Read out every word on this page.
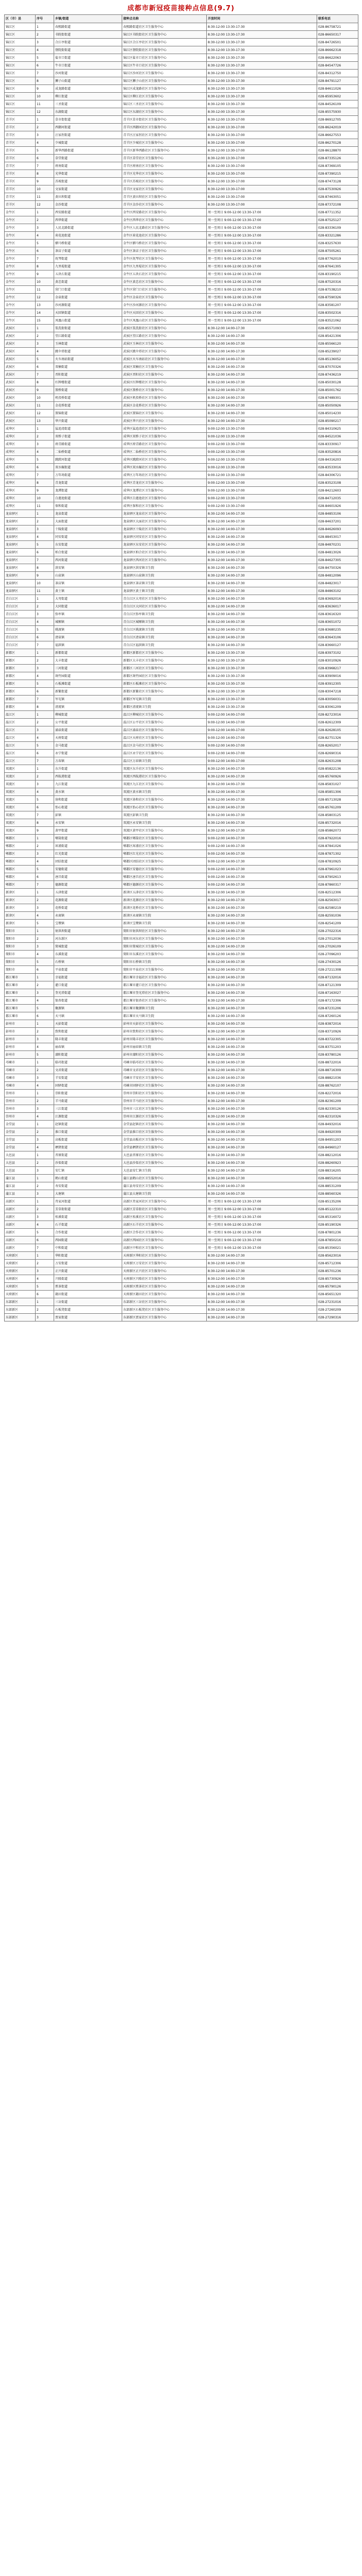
成都市新冠疫苗接种点信息(9.7)
区（市）县	序号	乡镇/街道	接种点名称	开放时间	联系电话
锦江区	1	春熙路街道	春熙路街道社区卫生服务中心	8:30-12:00 13:30-17:30	028-86758721
锦江区	2	书院街街道	锦江区书院街社区卫生服务中心	8:30-12:00 13:30-17:30	028-86650317
锦江区	3	合江亭街道	锦江区合江亭社区卫生服务中心	8:30-12:00 13:30-17:30	028-84726501
锦江区	4	督院街街道	锦江区督院街社区卫生服务中心	8:30-12:00 13:30-17:30	028-86662318
锦江区	5	盐市口街道	锦江区盐市口社区卫生服务中心	8:30-12:00 13:30-17:30	028-86622063
锦江区	6	牛市口街道	锦江区牛市口社区卫生服务中心	8:30-12:00 13:30-17:30	028-84547726
锦江区	7	沙河街道	锦江区沙河社区卫生服务中心	8:30-12:00 13:30-17:30	028-84312750
锦江区	8	狮子山街道	锦江区狮子山社区卫生服务中心	8:30-12:00 13:30-17:30	028-84791127
锦江区	9	成龙路街道	锦江区成龙路社区卫生服务中心	8:30-12:00 13:30-17:30	028-84611026
锦江区	10	柳江街道	锦江区柳江社区卫生服务中心	8:30-12:00 13:30-17:30	028-85953602
锦江区	11	三圣街道	锦江区三圣社区卫生服务中心	8:30-12:00 13:30-17:30	028-84526109
锦江区	12	东湖街道	锦江区东湖社区卫生服务中心	8:30-12:00 13:30-17:30	028-85575930
青羊区	1	草市街街道	青羊区草市街社区卫生服务中心	8:30-12:00 13:30-17:00	028-86912705
青羊区	2	西御河街道	青羊区西御河社区卫生服务中心	8:30-12:00 13:30-17:00	028-86242019
青羊区	3	汪家拐街道	青羊区汪家拐社区卫生服务中心	8:30-12:00 13:30-17:00	028-86627553
青羊区	4	少城街道	青羊区少城社区卫生服务中心	8:30-12:00 13:30-17:00	028-86270128
青羊区	5	新华西路街道	青羊区新华西路社区卫生服务中心	8:30-12:00 13:30-17:00	028-86128870
青羊区	6	草堂街道	青羊区草堂社区卫生服务中心	8:30-12:00 13:30-17:00	028-87335126
青羊区	7	府南街道	青羊区府南社区卫生服务中心	8:30-12:00 13:30-17:00	028-87369105
青羊区	8	光华街道	青羊区光华社区卫生服务中心	8:30-12:00 13:30-17:00	028-87390215
青羊区	9	苏坡街道	青羊区苏坡社区卫生服务中心	8:30-12:00 13:30-17:00	028-87473128
青羊区	10	文家街道	青羊区文家社区卫生服务中心	8:30-12:00 13:30-17:00	028-87530926
青羊区	11	黄田坝街道	青羊区黄田坝社区卫生服务中心	8:30-12:00 13:30-17:00	028-87463051
青羊区	12	金沙街道	青羊区金沙社区卫生服务中心	8:30-12:00 13:30-17:00	028-87372108
金牛区	1	西安路街道	金牛区西安路社区卫生服务中心	周一至周日 9:00-12:00 13:30-17:00	028-87711352
金牛区	2	西华街道	金牛区西华社区卫生服务中心	周一至周日 9:00-12:00 13:30-17:00	028-87525127
金牛区	3	人民北路街道	金牛区人民北路社区卫生服务中心	周一至周日 9:00-12:00 13:30-17:00	028-83336109
金牛区	4	荷花池街道	金牛区荷花池社区卫生服务中心	周一至周日 9:00-12:00 13:30-17:00	028-83321286
金牛区	5	驷马桥街道	金牛区驷马桥社区卫生服务中心	周一至周日 9:00-12:00 13:30-17:00	028-83257630
金牛区	6	茶店子街道	金牛区茶店子社区卫生服务中心	周一至周日 9:00-12:00 13:30-17:00	028-87505261
金牛区	7	抚琴街道	金牛区抚琴社区卫生服务中心	周一至周日 9:00-12:00 13:30-17:00	028-87762019
金牛区	8	九里堤街道	金牛区九里堤社区卫生服务中心	周一至周日 9:00-12:00 13:30-17:00	028-87641305
金牛区	9	五块石街道	金牛区五块石社区卫生服务中心	周一至周日 9:00-12:00 13:30-17:00	028-83190215
金牛区	10	黄忠街道	金牛区黄忠社区卫生服务中心	周一至周日 9:00-12:00 13:30-17:00	028-87520316
金牛区	11	营门口街道	金牛区营门口社区卫生服务中心	周一至周日 9:00-12:00 13:30-17:00	028-87538210
金牛区	12	金泉街道	金牛区金泉社区卫生服务中心	周一至周日 9:00-12:00 13:30-17:00	028-87590326
金牛区	13	沙河源街道	金牛区沙河源社区卫生服务中心	周一至周日 9:00-12:00 13:30-17:00	028-83581207
金牛区	14	天回镇街道	金牛区天回社区卫生服务中心	周一至周日 9:00-12:00 13:30-17:00	028-83502316
金牛区	15	凤凰山街道	金牛区凤凰山社区卫生服务中心	周一至周日 9:00-12:00 13:30-17:00	028-83521062
武侯区	1	浆洗街街道	武侯区浆洗街社区卫生服务中心	8:30-12:00 14:00-17:30	028-85571093
武侯区	2	望江路街道	武侯区望江路社区卫生服务中心	8:30-12:00 14:00-17:30	028-85421306
武侯区	3	玉林街道	武侯区玉林社区卫生服务中心	8:30-12:00 14:00-17:30	028-85566120
武侯区	4	跳伞塔街道	武侯区跳伞塔社区卫生服务中心	8:30-12:00 14:00-17:30	028-85239027
武侯区	5	火车南站街道	武侯区火车南站社区卫生服务中心	8:30-12:00 14:00-17:30	028-85136052
武侯区	6	双楠街道	武侯区双楠社区卫生服务中心	8:30-12:00 14:00-17:30	028-87070326
武侯区	7	晋阳街道	武侯区晋阳社区卫生服务中心	8:30-12:00 14:00-17:30	028-87436219
武侯区	8	红牌楼街道	武侯区红牌楼社区卫生服务中心	8:30-12:00 14:00-17:30	028-85030128
武侯区	9	簇桥街道	武侯区簇桥社区卫生服务中心	8:30-12:00 14:00-17:30	028-85001762
武侯区	10	机投桥街道	武侯区机投桥社区卫生服务中心	8:30-12:00 14:00-17:30	028-87489301
武侯区	11	金花桥街道	武侯区金花桥社区卫生服务中心	8:30-12:00 14:00-17:30	028-85050926
武侯区	12	簇锦街道	武侯区簇锦社区卫生服务中心	8:30-12:00 14:00-17:30	028-85014230
武侯区	13	华兴街道	武侯区华兴社区卫生服务中心	8:30-12:00 14:00-17:30	028-85090217
成华区	1	猛追湾街道	成华区猛追湾社区卫生服务中心	9:00-12:00 13:30-17:00	028-84310625
成华区	2	双桥子街道	成华区双桥子社区卫生服务中心	9:00-12:00 13:30-17:00	028-84521036
成华区	3	府青路街道	成华区府青路社区卫生服务中心	9:00-12:00 13:30-17:00	028-83330917
成华区	4	二仙桥街道	成华区二仙桥社区卫生服务中心	9:00-12:00 13:30-17:00	028-83520816
成华区	5	跳蹬河街道	成华区跳蹬河社区卫生服务中心	9:00-12:00 13:30-17:00	028-84316203
成华区	6	双水碾街道	成华区双水碾社区卫生服务中心	9:00-12:00 13:30-17:00	028-83533016
成华区	7	万年场街道	成华区万年场社区卫生服务中心	9:00-12:00 13:30-17:00	028-84306721
成华区	8	青龙街道	成华区青龙社区卫生服务中心	9:00-12:00 13:30-17:00	028-83523108
成华区	9	龙潭街道	成华区龙潭社区卫生服务中心	9:00-12:00 13:30-17:00	028-84212603
成华区	10	白莲池街道	成华区白莲池社区卫生服务中心	9:00-12:00 13:30-17:00	028-84712035
成华区	11	保和街道	成华区保和社区卫生服务中心	9:00-12:00 13:30-17:00	028-84601926
龙泉驿区	1	龙泉街道	龙泉驿区龙泉社区卫生服务中心	8:30-12:00 14:00-17:30	028-84853106
龙泉驿区	2	大面街道	龙泉驿区大面社区卫生服务中心	8:30-12:00 14:00-17:30	028-84637201
龙泉驿区	3	十陵街道	龙泉驿区十陵社区卫生服务中心	8:30-12:00 14:00-17:30	028-84626093
龙泉驿区	4	同安街道	龙泉驿区同安社区卫生服务中心	8:30-12:00 14:00-17:30	028-88453017
龙泉驿区	5	东安街道	龙泉驿区东安社区卫生服务中心	8:30-12:00 14:00-17:30	028-84870231
龙泉驿区	6	柏合街道	龙泉驿区柏合社区卫生服务中心	8:30-12:00 14:00-17:30	028-84813026
龙泉驿区	7	西河街道	龙泉驿区西河社区卫生服务中心	8:30-12:00 14:00-17:30	028-84627305
龙泉驿区	8	洪安镇	龙泉驿区洪安镇卫生院	8:30-12:00 14:00-17:30	028-84750326
龙泉驿区	9	山泉镇	龙泉驿区山泉镇卫生院	8:30-12:00 14:00-17:30	028-84812096
龙泉驿区	10	茶店镇	龙泉驿区茶店镇卫生院	8:30-12:00 14:00-17:30	028-84823017
龙泉驿区	11	黄土镇	龙泉驿区黄土镇卫生院	8:30-12:00 14:00-17:30	028-84863102
青白江区	1	大弯街道	青白江区大弯社区卫生服务中心	8:30-12:00 14:00-17:30	028-83692016
青白江区	2	大同街道	青白江区大同社区卫生服务中心	8:30-12:00 14:00-17:30	028-83636017
青白江区	3	弥牟镇	青白江区弥牟镇卫生院	8:30-12:00 14:00-17:30	028-83616320
青白江区	4	城厢镇	青白江区城厢镇卫生院	8:30-12:00 14:00-17:30	028-83651072
青白江区	5	姚渡镇	青白江区姚渡镇卫生院	8:30-12:00 14:00-17:30	028-83680235
青白江区	6	清泉镇	青白江区清泉镇卫生院	8:30-12:00 14:00-17:30	028-83643106
青白江区	7	福洪镇	青白江区福洪镇卫生院	8:30-12:00 14:00-17:30	028-83660127
新都区	1	新都街道	新都区新都社区卫生服务中心	8:30-12:00 13:30-17:30	028-83973102
新都区	2	大丰街道	新都区大丰社区卫生服务中心	8:30-12:00 13:30-17:30	028-83010926
新都区	3	三河街道	新都区三河社区卫生服务中心	8:30-12:00 13:30-17:30	028-83968217
新都区	4	斑竹园街道	新都区斑竹园社区卫生服务中心	8:30-12:00 13:30-17:30	028-83909016
新都区	5	石板滩街道	新都区石板滩社区卫生服务中心	8:30-12:00 13:30-17:30	028-83912305
新都区	6	新繁街道	新都区新繁社区卫生服务中心	8:30-12:00 13:30-17:30	028-83047218
新都区	7	军屯镇	新都区军屯镇卫生院	8:30-12:00 13:30-17:30	028-83056031
新都区	8	清流镇	新都区清流镇卫生院	8:30-12:00 13:30-17:30	028-83061209
温江区	1	柳城街道	温江区柳城社区卫生服务中心	9:00-12:00 14:00-17:00	028-82723016
温江区	2	公平街道	温江区公平社区卫生服务中心	9:00-12:00 14:00-17:00	028-82612309
温江区	3	涌泉街道	温江区涌泉社区卫生服务中心	9:00-12:00 14:00-17:00	028-82628105
温江区	4	天府街道	温江区天府社区卫生服务中心	9:00-12:00 14:00-17:00	028-82751326
温江区	5	金马街道	温江区金马社区卫生服务中心	9:00-12:00 14:00-17:00	028-82652017
温江区	6	永宁街道	温江区永宁社区卫生服务中心	9:00-12:00 14:00-17:00	028-82690316
温江区	7	万春镇	温江区万春镇卫生院	9:00-12:00 14:00-17:00	028-82631208
双流区	1	东升街道	双流区东升社区卫生服务中心	8:30-12:00 14:00-17:30	028-85822136
双流区	2	西航港街道	双流区西航港社区卫生服务中心	8:30-12:00 14:00-17:30	028-85760926
双流区	3	九江街道	双流区九江社区卫生服务中心	8:30-12:00 14:00-17:30	028-85831027
双流区	4	黄水镇	双流区黄水镇卫生院	8:30-12:00 14:00-17:30	028-85851306
双流区	5	协和街道	双流区协和社区卫生服务中心	8:30-12:00 14:00-17:30	028-85713028
双流区	6	怡心街道	双流区怡心社区卫生服务中心	8:30-12:00 14:00-17:30	028-85761209
双流区	7	彭镇	双流区彭镇卫生院	8:30-12:00 14:00-17:30	028-85803125
双流区	8	永安镇	双流区永安镇卫生院	8:30-12:00 14:00-17:30	028-85732016
双流区	9	黄甲街道	双流区黄甲社区卫生服务中心	8:30-12:00 14:00-17:30	028-85862073
郫都区	1	郫筒街道	郫都区郫筒社区卫生服务中心	9:00-12:00 14:00-17:30	028-87922016
郫都区	2	犀浦街道	郫都区犀浦社区卫生服务中心	9:00-12:00 14:00-17:30	028-87841026
郫都区	3	红光街道	郫都区红光社区卫生服务中心	9:00-12:00 14:00-17:30	028-87871302
郫都区	4	团结街道	郫都区团结社区卫生服务中心	9:00-12:00 14:00-17:30	028-87810925
郫都区	5	安德街道	郫都区安德社区卫生服务中心	9:00-12:00 14:00-17:30	028-87961023
郫都区	6	唐昌街道	郫都区唐昌社区卫生服务中心	9:00-12:00 14:00-17:30	028-87902613
郫都区	7	德源街道	郫都区德源社区卫生服务中心	9:00-12:00 14:00-17:30	028-87860317
新津区	1	五津街道	新津区五津社区卫生服务中心	8:30-12:00 14:00-17:30	028-82512306
新津区	2	花源街道	新津区花源社区卫生服务中心	8:30-12:00 14:00-17:30	028-82563017
新津区	3	花桥街道	新津区花桥社区卫生服务中心	8:30-12:00 14:00-17:30	028-82580219
新津区	4	永商镇	新津区永商镇卫生院	8:30-12:00 14:00-17:30	028-82591036
新津区	5	宝墩镇	新津区宝墩镇卫生院	8:30-12:00 14:00-17:30	028-82541209
简阳市	1	射洪坝街道	简阳市射洪坝社区卫生服务中心	8:30-12:00 14:00-17:30	028-27022316
简阳市	2	河东新区	简阳市河东社区卫生服务中心	8:30-12:00 14:00-17:30	028-27012036
简阳市	3	简城街道	简阳市简城社区卫生服务中心	8:30-12:00 14:00-17:30	028-27026109
简阳市	4	东溪街道	简阳市东溪社区卫生服务中心	8:30-12:00 14:00-17:30	028-27096203
简阳市	5	石桥镇	简阳市石桥镇卫生院	8:30-12:00 14:00-17:30	028-27430126
简阳市	6	平泉街道	简阳市平泉社区卫生服务中心	8:30-12:00 14:00-17:30	028-27211308
都江堰市	1	幸福街道	都江堰市幸福社区卫生服务中心	8:30-12:00 14:00-17:30	028-87132016
都江堰市	2	灌口街道	都江堰市灌口社区卫生服务中心	8:30-12:00 14:00-17:30	028-87121309
都江堰市	3	奎光塔街道	都江堰市奎光塔社区卫生服务中心	8:30-12:00 14:00-17:30	028-87163027
都江堰市	4	银杏街道	都江堰市银杏社区卫生服务中心	8:30-12:00 14:00-17:30	028-87172306
都江堰市	5	聚源镇	都江堰市聚源镇卫生院	8:30-12:00 14:00-17:30	028-87231206
都江堰市	6	天马镇	都江堰市天马镇卫生院	8:30-12:00 14:00-17:30	028-87260126
彭州市	1	天彭街道	彭州市天彭社区卫生服务中心	8:30-12:00 14:00-17:30	028-83872016
彭州市	2	致和街道	彭州市致和社区卫生服务中心	8:30-12:00 14:00-17:30	028-83710926
彭州市	3	隆丰街道	彭州市隆丰社区卫生服务中心	8:30-12:00 14:00-17:30	028-83722305
彭州市	4	丽春镇	彭州市丽春镇卫生院	8:30-12:00 14:00-17:30	028-83751203
彭州市	5	濛阳街道	彭州市濛阳社区卫生服务中心	8:30-12:00 14:00-17:30	028-83780126
邛崃市	1	临邛街道	邛崃市临邛社区卫生服务中心	8:30-12:00 14:00-17:30	028-88722016
邛崃市	2	文君街道	邛崃市文君社区卫生服务中心	8:30-12:00 14:00-17:30	028-88716309
邛崃市	3	羊安街道	邛崃市羊安社区卫生服务中心	8:30-12:00 14:00-17:30	028-88821036
邛崃市	4	固驿街道	邛崃市固驿社区卫生服务中心	8:30-12:00 14:00-17:30	028-88762107
崇州市	1	崇阳街道	崇州市崇阳社区卫生服务中心	8:30-12:00 14:00-17:30	028-82272016
崇州市	2	羊马街道	崇州市羊马社区卫生服务中心	8:30-12:00 14:00-17:30	028-82361209
崇州市	3	三江街道	崇州市三江社区卫生服务中心	8:30-12:00 14:00-17:30	028-82330126
崇州市	4	江源街道	崇州市江源社区卫生服务中心	8:30-12:00 14:00-17:30	028-82310326
金堂县	1	赵镇街道	金堂县赵镇社区卫生服务中心	8:30-12:00 14:00-17:30	028-84932016
金堂县	2	淮口街道	金堂县淮口社区卫生服务中心	8:30-12:00 14:00-17:30	028-84920309
金堂县	3	高板街道	金堂县高板社区卫生服务中心	8:30-12:00 14:00-17:30	028-84951203
金堂县	4	栖贤街道	金堂县栖贤社区卫生服务中心	8:30-12:00 14:00-17:30	028-84960127
大邑县	1	晋原街道	大邑县晋原社区卫生服务中心	8:30-12:00 14:00-17:30	028-88212016
大邑县	2	沙渠街道	大邑县沙渠社区卫生服务中心	8:30-12:00 14:00-17:30	028-88260923
大邑县	3	安仁镇	大邑县安仁镇卫生院	8:30-12:00 14:00-17:30	028-88316205
蒲江县	1	鹤山街道	蒲江县鹤山社区卫生服务中心	8:30-12:00 14:00-17:30	028-88552016
蒲江县	2	寿安街道	蒲江县寿安社区卫生服务中心	8:30-12:00 14:00-17:30	028-88531209
蒲江县	3	大塘镇	蒲江县大塘镇卫生院	8:30-12:00 14:00-17:30	028-88560326
高新区	1	肖家河街道	高新区肖家河社区卫生服务中心	周一至周日 9:00-12:00 13:30-17:00	028-85135206
高新区	2	芳草街街道	高新区芳草街社区卫生服务中心	周一至周日 9:00-12:00 13:30-17:00	028-85122310
高新区	3	桂溪街道	高新区桂溪社区卫生服务中心	周一至周日 9:00-12:00 13:30-17:00	028-85316072
高新区	4	石羊街道	高新区石羊社区卫生服务中心	周一至周日 9:00-12:00 13:30-17:00	028-85190326
高新区	5	合作街道	高新区合作社区卫生服务中心	周一至周日 9:00-12:00 13:30-17:00	028-87801236
高新区	6	西园街道	高新区西园社区卫生服务中心	周一至周日 9:00-12:00 13:30-17:00	028-87850216
高新区	7	中和街道	高新区中和社区卫生服务中心	周一至周日 9:00-12:00 13:30-17:00	028-85356021
天府新区	1	华阳街道	天府新区华阳社区卫生服务中心	8:30-12:00 14:00-17:30	028-85623016
天府新区	2	万安街道	天府新区万安社区卫生服务中心	8:30-12:00 14:00-17:30	028-85712306
天府新区	3	正兴街道	天府新区正兴社区卫生服务中心	8:30-12:00 14:00-17:30	028-85701236
天府新区	4	兴隆街道	天府新区兴隆社区卫生服务中心	8:30-12:00 14:00-17:30	028-85730926
天府新区	5	煎茶街道	天府新区煎茶社区卫生服务中心	8:30-12:00 14:00-17:30	028-85790126
天府新区	6	籍田街道	天府新区籍田社区卫生服务中心	8:30-12:00 14:00-17:30	028-85651320
东部新区	1	三岔街道	东部新区三岔社区卫生服务中心	8:30-12:00 14:00-17:30	028-27231016
东部新区	2	石板凳街道	东部新区石板凳社区卫生服务中心	8:30-12:00 14:00-17:30	028-27260209
东部新区	3	贾家街道	东部新区贾家社区卫生服务中心	8:30-12:00 14:00-17:30	028-27290316
